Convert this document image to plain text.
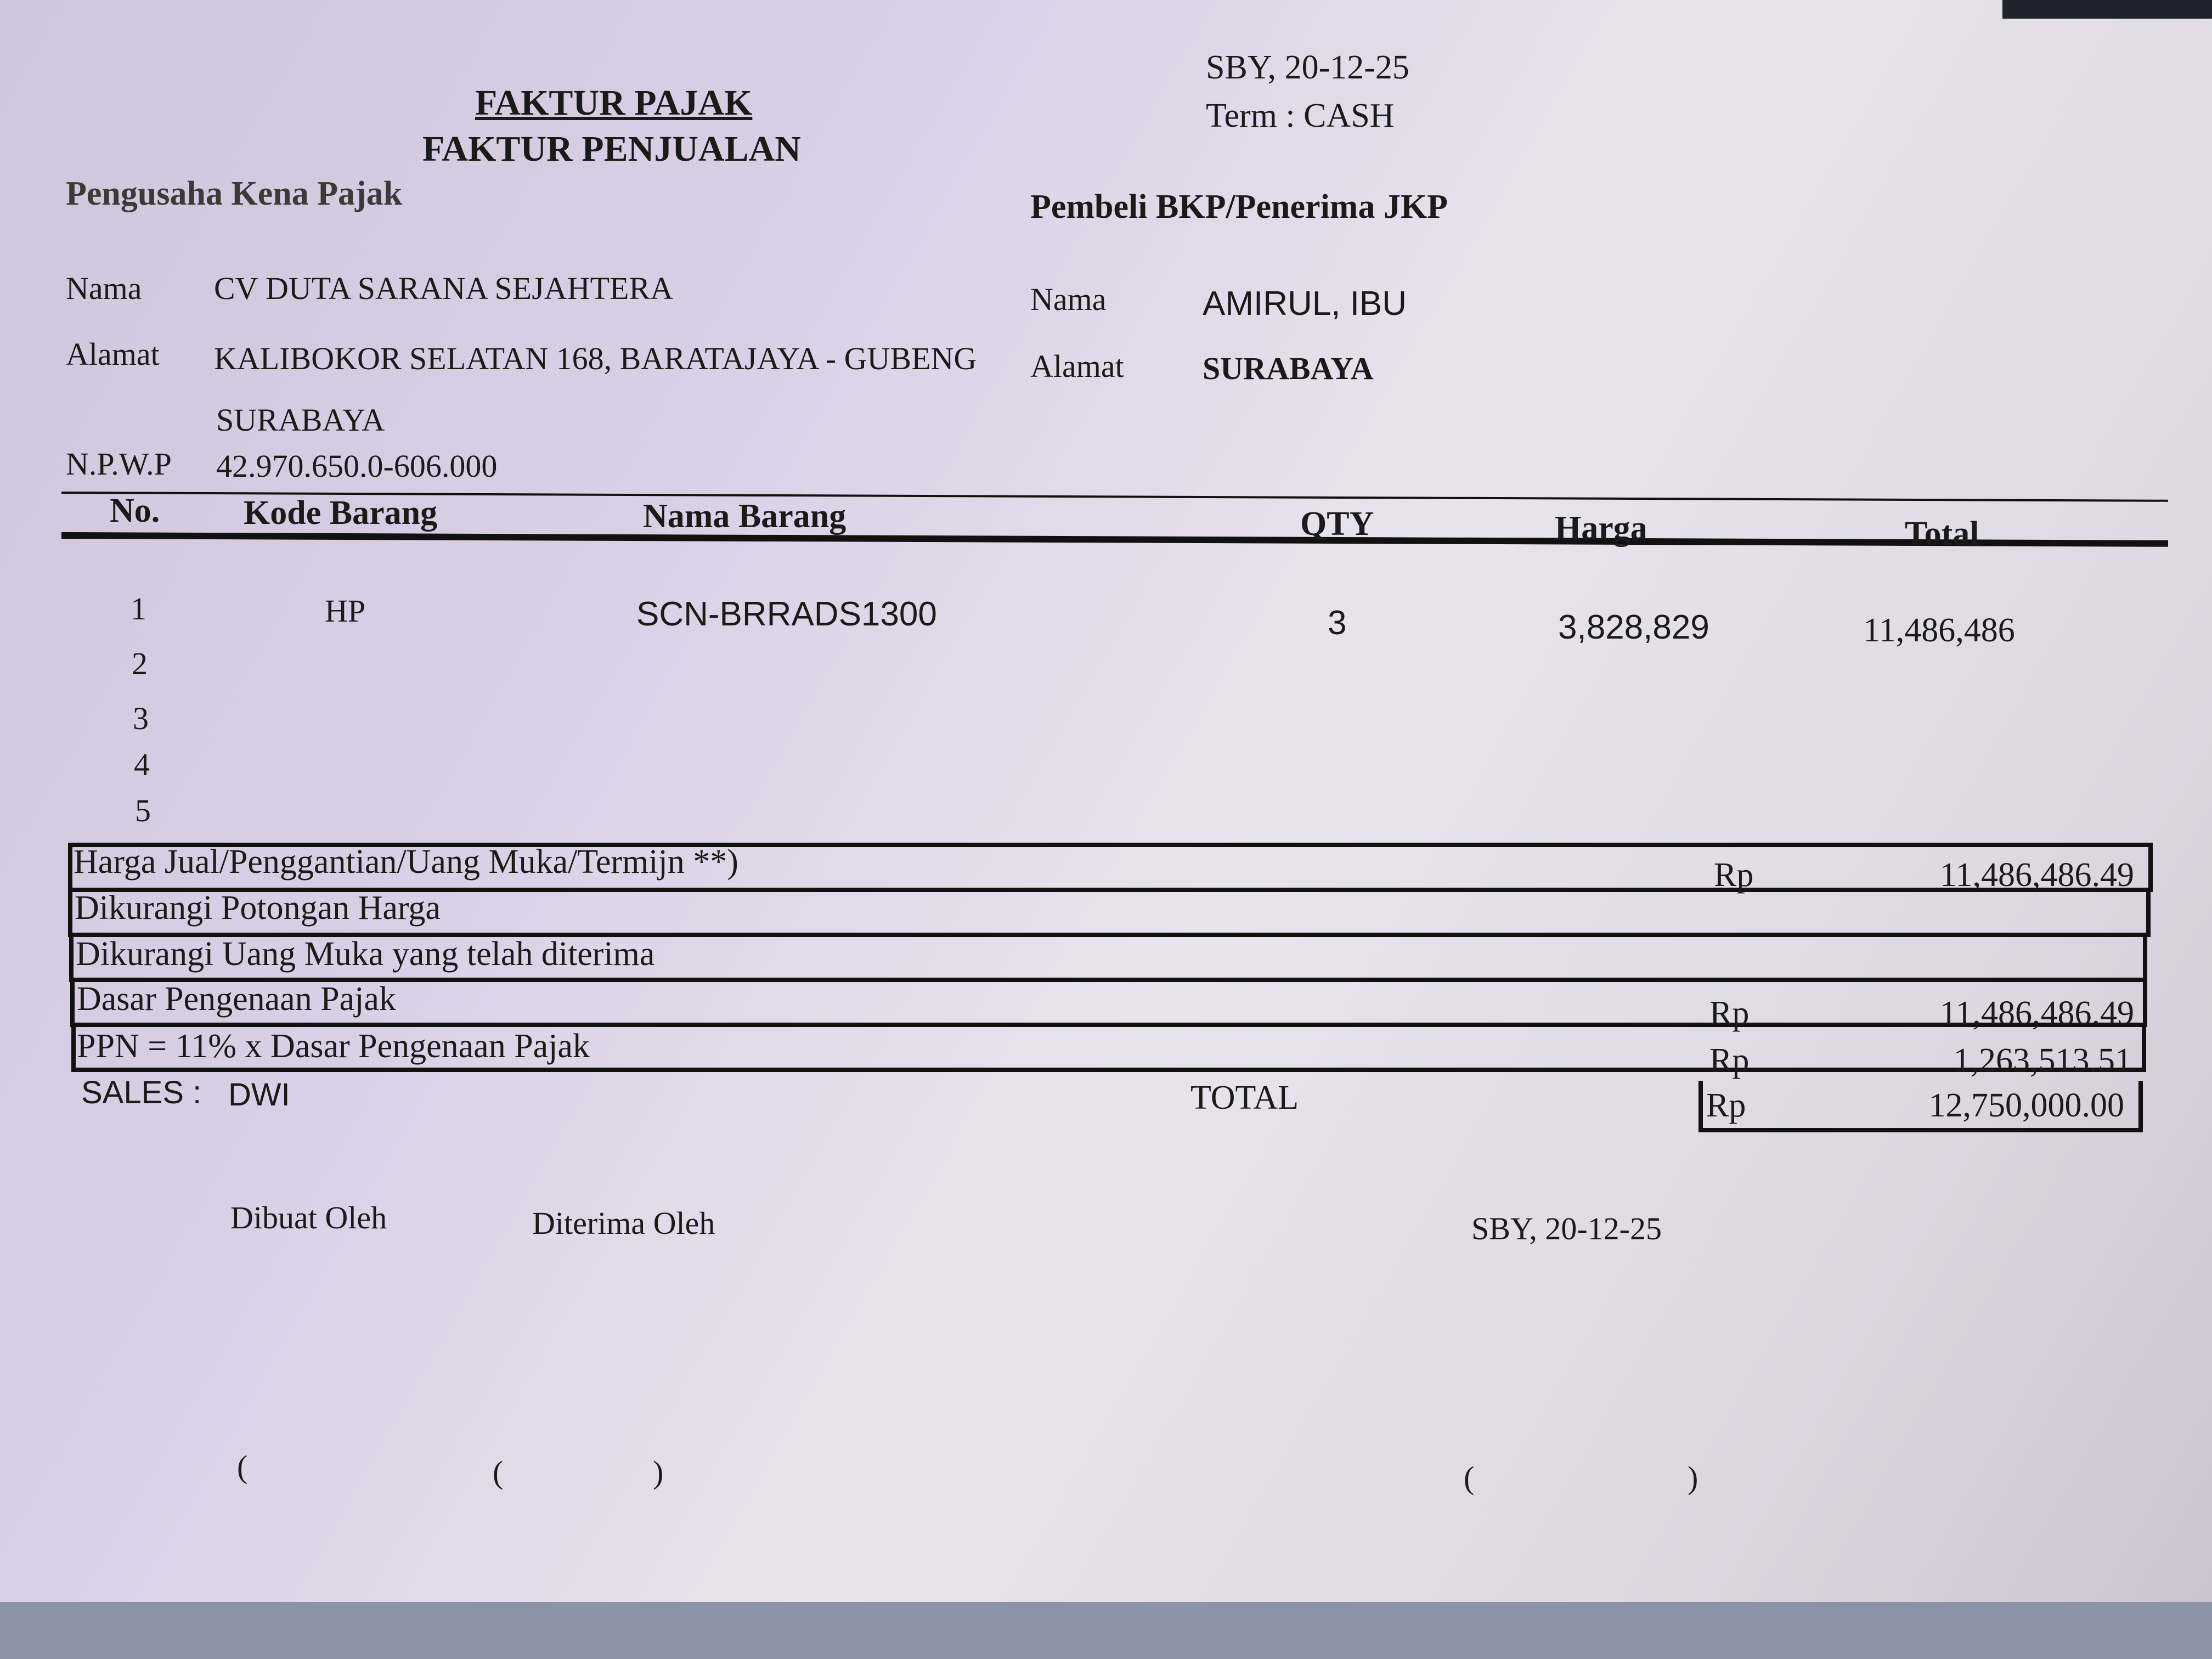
SBY, 20-12-25
Term : CASH
FAKTUR PAJAK
FAKTUR PENJUALAN
Pengusaha Kena Pajak
Nama CV DUTA SARANA SEJAHTERA
Alamat KALIBOKOR SELATAN 168, BARATAJAYA - GUBENG
SURABAYA
N.P.W.P 42.970.650.0-606.000
Pembeli BKP/Penerima JKP
Nama	AMIRUL, IBU
Alamat SURABAYA
No. Kode Barang	Nama Barang	QTY	Harga	Total
1	HP	SCN-BRRADS1300	3	3,828,829	11,486,486
2
3
4
5
Harga Jual/Penggantian/Uang Muka/Termijn **)	Rp	11,486,486.49
Dikurangi Potongan Harga
Dikurangi Uang Muka yang telah diterima
Dasar Pengenaan Pajak	Rp	11,486,486.49
PPN = 11% x Dasar Pengenaan Pajak	Rp	1,263,513.51
SALES : DWI	TOTAL	Rp	12,750,000.00
Dibuat Oleh	Diterima Oleh	SBY, 20-12-25
(	(	)	(	)
